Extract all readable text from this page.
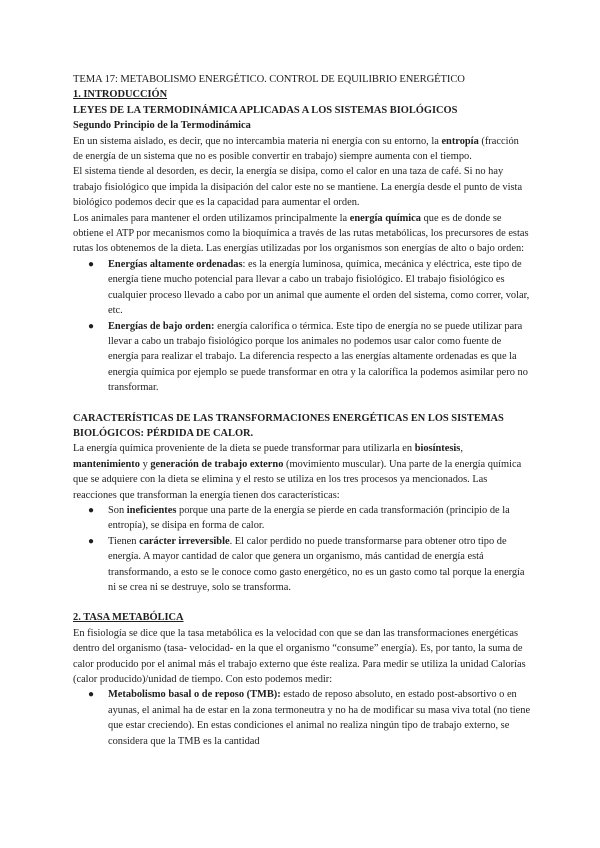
TEMA 17: METABOLISMO ENERGÉTICO. CONTROL DE EQUILIBRIO ENERGÉTICO

1. INTRODUCCIÓN

LEYES DE LA TERMODINÁMICA APLICADAS A LOS SISTEMAS BIOLÓGICOS

Segundo Principio de la Termodinámica

En un sistema aislado, es decir, que no intercambia materia ni energía con su entorno, la entropía (fracción de energía de un sistema que no es posible convertir en trabajo) siempre aumenta con el tiempo.

El sistema tiende al desorden, es decir, la energía se disipa, como el calor en una taza de café. Si no hay trabajo fisiológico que impida la disipación del calor este no se mantiene. La energía desde el punto de vista biológico podemos decir que es la capacidad para aumentar el orden.

Los animales para mantener el orden utilizamos principalmente la energía química que es de donde se obtiene el ATP por mecanismos como la bioquímica a través de las rutas metabólicas, los precursores de estas rutas los obtenemos de la dieta. Las energías utilizadas por los organismos son energías de alto o bajo orden:

● Energías altamente ordenadas: es la energía luminosa, química, mecánica y eléctrica, este tipo de energía tiene mucho potencial para llevar a cabo un trabajo fisiológico. El trabajo fisiológico es cualquier proceso llevado a cabo por un animal que aumente el orden del sistema, como correr, volar, etc.
● Energías de bajo orden: energía calorífica o térmica. Este tipo de energía no se puede utilizar para llevar a cabo un trabajo fisiológico porque los animales no podemos usar calor como fuente de energía para realizar el trabajo. La diferencia respecto a las energías altamente ordenadas es que la energía química por ejemplo se puede transformar en otra y la calorífica la podemos asimilar pero no transformar.

CARACTERÍSTICAS DE LAS TRANSFORMACIONES ENERGÉTICAS EN LOS SISTEMAS BIOLÓGICOS: PÉRDIDA DE CALOR.

La energía química proveniente de la dieta se puede transformar para utilizarla en biosíntesis, mantenimiento y generación de trabajo externo (movimiento muscular). Una parte de la energía química que se adquiere con la dieta se elimina y el resto se utiliza en los tres procesos ya mencionados. Las reacciones que transforman la energía tienen dos características:

● Son ineficientes porque una parte de la energía se pierde en cada transformación (principio de la entropía), se disipa en forma de calor.
● Tienen carácter irreversible. El calor perdido no puede transformarse para obtener otro tipo de energía. A mayor cantidad de calor que genera un organismo, más cantidad de energía está transformando, a esto se le conoce como gasto energético, no es un gasto como tal porque la energía ni se crea ni se destruye, solo se transforma.

2. TASA METABÓLICA

En fisiología se dice que la tasa metabólica es la velocidad con que se dan las transformaciones energéticas dentro del organismo (tasa- velocidad- en la que el organismo “consume” energía). Es, por tanto, la suma de calor producido por el animal más el trabajo externo que éste realiza. Para medir se utiliza la unidad Calorías (calor producido)/unidad de tiempo. Con esto podemos medir:

● Metabolismo basal o de reposo (TMB): estado de reposo absoluto, en estado post-absortivo o en ayunas, el animal ha de estar en la zona termoneutra y no ha de modificar su masa viva total (no tiene que estar creciendo). En estas condiciones el animal no realiza ningún tipo de trabajo externo, se considera que la TMB es la cantidad
